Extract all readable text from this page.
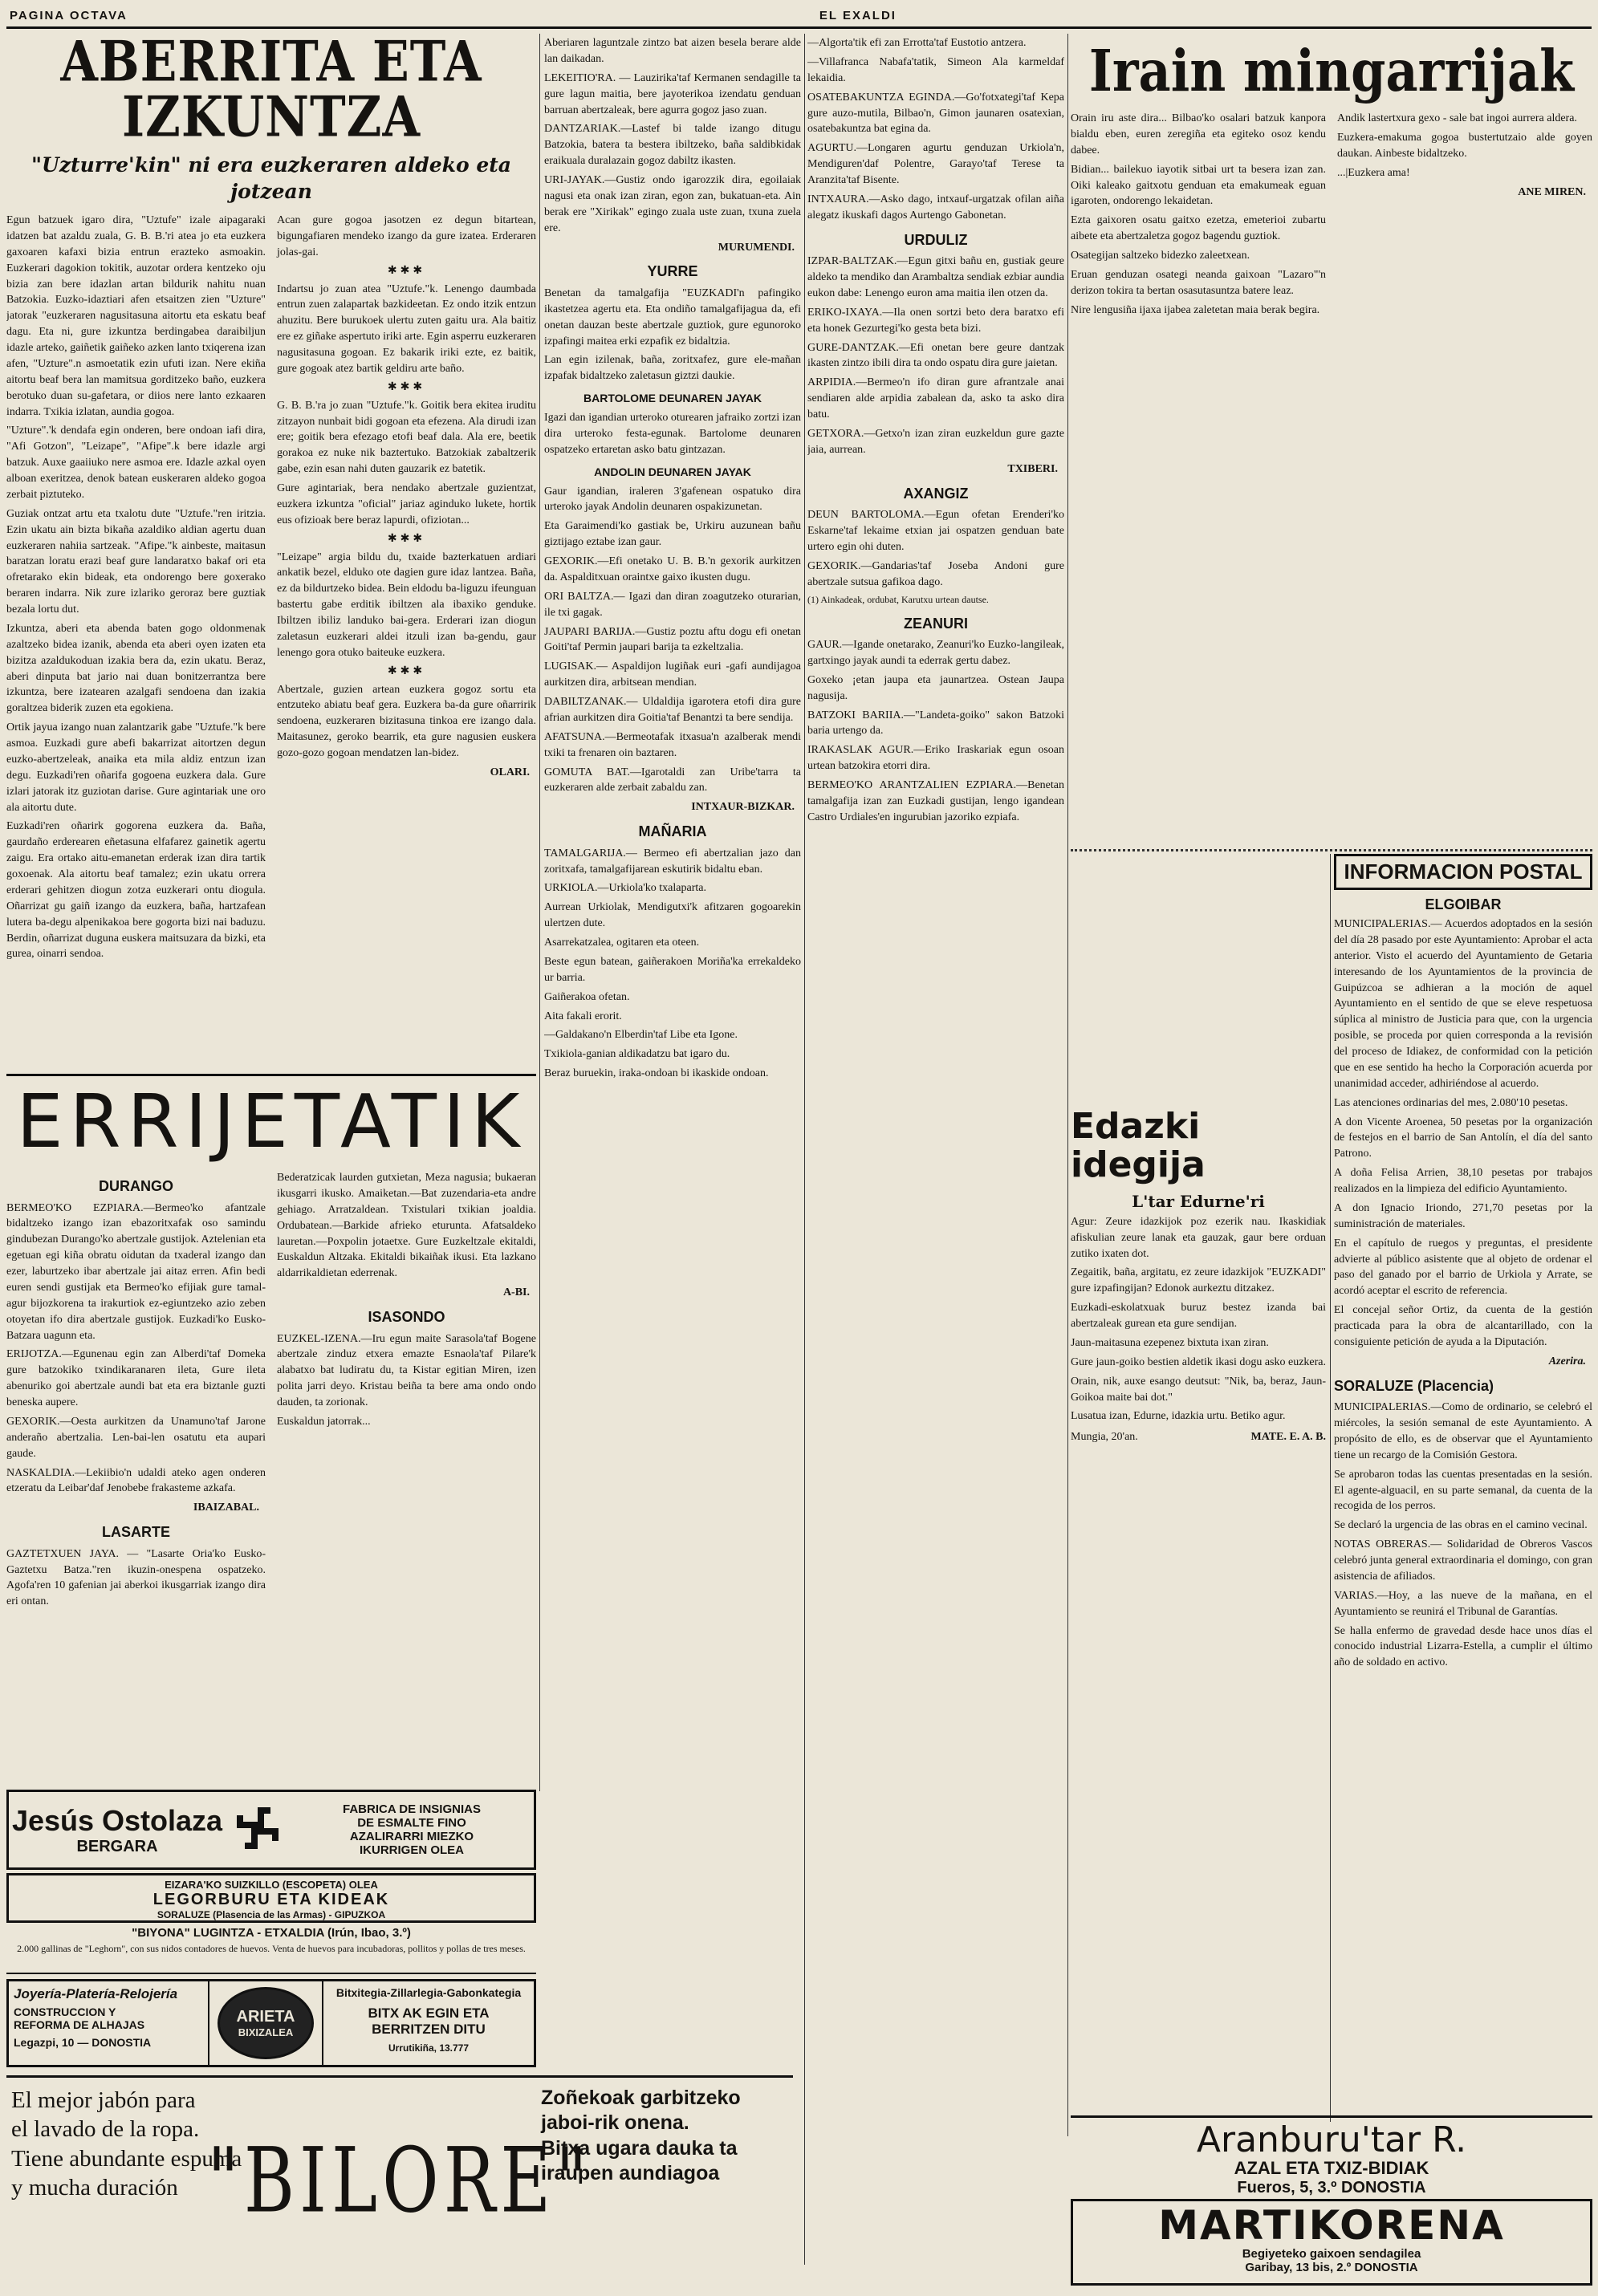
PAGINA OCTAVA	EL EXALDI
ABERRITA ETA IZKUNTZA
"Uzturre'kin" ni era euzkeraren aldeko eta jotzean

Egun batzuek igaro dira, "Uztufe" izale aipagaraki idatzen bat azaldu zuala, G. B. B.'ri atea jo eta euzkera gaxoaren kafaxi bizia entrun erazteko asmoakin. Euzkerari dagokion tokitik, auzotar ordera kentzeko oju bizia zan bere idazlan artan bildurik nahitu nuan Batzokia. Euzko-idaztiari afen etsaitzen zien "Uzture" jatorak "euzkeraren nagusitasuna aitortu eta eskatu beaf dagu. Eta ni, gure izkuntza berdingabea daraibiljun idazle arteko, gaiñetik gaiñeko azken lanto txiqerena izan afen, "Uzture".n asmoetatik ezin ufuti izan. Nere ekiña aitortu beaf bera lan mamitsua gorditzeko baño, euzkera berotuko duan su-gafetara, or diios nere lanto ezkaaren indarra. Txikia izlatan, aundia gogoa.

"Uzture".'k dendafa egin onderen, bere ondoan iafi dira, "Afi Gotzon", "Leizape", "Afipe".k bere idazle argi batzuk. Auxe gaaiiuko nere asmoa ere. Idazle azkal oyen alboan exeritzea, denok batean euskeraren aldeko gogoa zerbait piztuteko.

Guziak ontzat artu eta txalotu dute "Uztufe."ren iritzia. Ezin ukatu ain bizta bikaña azaldiko aldian agertu duan euzkeraren nahiia sartzeak. "Afipe."k ainbeste, maitasun baratzan loratu erazi beaf gure landaratxo bakaf ori eta ofretarako ekin bideak, eta ondorengo bere goxerako beraren indarra. Nik zure izlariko geroraz bere guztiak bezala lortu dut.

Izkuntza, aberi eta abenda baten gogo oldonmenak azaltzeko bidea izanik, abenda eta aberi oyen izaten eta bizitza azaldukoduan izakia bera da, ezin ukatu. Beraz, aberi dinputa bat jario nai duan bonitzerrantza bere izkuntza, bere izatearen azalgafi sendoena dan izakia goraltzea biderik zuzen eta egokiena.

Ortik jayua izango nuan zalantzarik gabe "Uztufe."k bere asmoa. Euzkadi gure abefi bakarrizat aitortzen degun euzko-abertzeleak, anaika eta mila aldiz entzun izan degu. Euzkadi'ren oñarifa gogoena euzkera dala. Gure izlari jatorak itz guziotan darise. Gure agintariak une oro ala aitortu dute.

Euzkadi'ren oñarirk gogorena euzkera da. Baña, gaurdaño erderearen eñetasuna elfafarez gainetik agertu zaigu. Era ortako aitu-emanetan erderak izan dira tartik goxoenak. Ala aitortu beaf tamalez; ezin ukatu orrera erderari gehitzen diogun zotza euzkerari ontu diogula. Oñarrizat gu gaiñ izango da euzkera, baña, hartzafean lutera ba-degu alpenikakoa bere gogorta bizi nai baduzu. Berdin, oñarrizat duguna euskera maitsuzara da bizki, eta gurea, oinarri sendoa.

Acan gure gogoa jasotzen ez degun bitartean, bigungafiaren mendeko izango da gure izatea. Erderaren jolas-gai.

✱✱✱

Indartsu jo zuan atea "Uztufe."k. Lenengo daumbada entrun zuen zalapartak bazkideetan. Ez ondo itzik entzun ahuzitu. Bere burukoek ulertu zuten gaitu ura. Ala baitiz ere ez giñake aspertuto iriki arte. Egin asperru euzkeraren nagusitasuna gogoan. Ez bakarik iriki ezte, ez baitik, gure gogoak atez bartik geldiru arte baño.

✱✱✱

G. B. B.'ra jo zuan "Uztufe."k. Goitik bera ekitea iruditu zitzayon nunbait bidi gogoan eta efezena. Ala dirudi izan ere; goitik bera efezago etofi beaf dala. Ala ere, beetik gorakoa ez nuke nik baztertuko. Batzokiak zabaltzerik gabe, ezin esan nahi duten gauzarik ez batetik.

Gure agintariak, bera nendako abertzale guzientzat, euzkera izkuntza "oficial" jariaz aginduko lukete, hortik eus ofizioak bere beraz lapurdi, ofiziotan...

✱✱✱

"Leizape" argia bildu du, txaide bazterkatuen ardiari ankatik bezel, elduko ote dagien gure idaz lantzea. Baña, ez da bildurtzeko bidea. Bein eldodu ba-liguzu ifeunguan bastertu gabe erditik ibiltzen ala ibaxiko genduke. Ibiltzen ibiliz landuko bai-gera. Erderari izan diogun zaletasun euzkerari aldei itzuli izan ba-gendu, gaur lenengo gora otuko baiteuke euzkera.

✱✱✱

Abertzale, guzien artean euzkera gogoz sortu eta entzuteko abiatu beaf gera. Euzkera ba-da gure oñarririk sendoena, euzkeraren bizitasuna tinkoa ere izango dala. Maitasunez, geroko bearrik, eta gure nagusien euskera gozo-gozo gogoan mendatzen lan-bidez.

OLARI.
ERRIJETATIK
DURANGO

BERMEO'KO EZPIARA.—Bermeo'ko afantzale bidaltzeko izango izan ebazoritxafak oso samindu gindubezan Durango'ko abertzale gustijok. Aztelenian eta egetuan egi kiña obratu oidutan da txaderal izango dan ezer, laburtzeko ibar abertzale jai aitaz erren. Afin bedi euren sendi gustijak eta Bermeo'ko efijiak gure tamal-agur bijozkorena ta irakurtiok ez-egiuntzeko azio zeben otoyetan ifo dira abertzale gustijok. Euzkadi'ko Eusko-Batzara uagunn eta.

ERIJOTZA.—Egunenau egin zan Alberdi'taf Domeka gure batzokiko txindikaranaren ileta, Gure ileta abenuriko goi abertzale aundi bat eta era biztanle guzti beneska aupere.

GEXORIK.—Oesta aurkitzen da Unamuno'taf Jarone anderaño abertzalia. Len-bai-len osatutu eta aupari gaude.

NASKALDIA.—Lekiibio'n udaldi ateko agen onderen etzeratu da Leibar'daf Jenobebe frakasteme azkafa.

IBAIZABAL.
LASARTE

GAZTETXUEN JAYA. — "Lasarte Oria'ko Eusko-Gaztetxu Batza."ren ikuzin-onespena ospatzeko. Agofa'ren 10 gafenian jai aberkoi ikusgarriak izango dira eri ontan.

Bederatzicak laurden gutxietan, Meza nagusia; bukaeran ikusgarri ikusko. Amaiketan.—Bat zuzendaria-eta andre gehiago. Arratzaldean. Txistulari txikian joaldia. Ordubatean.—Barkide afrieko eturunta. Afatsaldeko lauretan.—Poxpolin jotaetxe. Gure Euzkeltzale ekitaldi, Euskaldun Altzaka. Ekitaldi bikaiñak ikusi. Eta lazkano aldarrikaldietan ederrenak.

A-BI.
ISASONDO

EUZKEL-IZENA.—Iru egun maite Sarasola'taf Bogene abertzale zinduz etxera emazte Esnaola'taf Pilare'k alabatxo bat ludiratu du, ta Kistar egitian Miren, izen polita jarri deyo. Kristau beiña ta bere ama ondo ondo dauden, ta zorionak.

Euskaldun jatorrak...

Jesús Ostolaza
BERGARA
FABRICA DE INSIGNIAS
DE ESMALTE FINO
AZALIRARRI MIEZKO
IKURRIGEN OLEA
EIZARA'KO SUIZKILLO (ESCOPETA) OLEA
LEGORBURU ETA KIDEAK
SORALUZE (Plasencia de las Armas) - GIPUZKOA
"BIYONA" LUGINTZA - ETXALDIA (Irún, Ibao, 3.º)
2.000 gallinas de "Leghorn", con sus nidos contadores de huevos. Venta de huevos para incubadoras, pollitos y pollas de tres meses.
Joyería-Platería-Relojería
CONSTRUCCION Y
REFORMA DE ALHAJAS
Legazpi, 10 — DONOSTIA
ARIETA
BIXIZALEA
Bitxitegia-Zillarlegia-Gabonkategia
BITX AK EGIN ETA
BERRITZEN DITU
Urrutikiña, 13.777
El mejor jabón para
el lavado de la ropa.
Tiene abundante espuma
y mucha duración "BILORE"
Zoñekoak garbitzeko
jaboi-rik onena.
Bitxa ugara dauka ta
iraupen aundiagoa

Aberiaren laguntzale zintzo bat aizen besela berare alde lan daikadan.

LEKEITIO'RA. — Lauzirika'taf Kermanen sendagille ta gure lagun maitia, bere jayoterikoa izendatu genduan barruan abertzaleak, bere agurra gogoz jaso zuan.

DANTZARIAK.—Lastef bi talde izango ditugu Batzokia, batera ta bestera ibiltzeko, baña saldibkidak eraikuala duralazain gogoz dabiltz ikasten.

URI-JAYAK.—Gustiz ondo igarozzik dira, egoilaiak nagusi eta onak izan ziran, egon zan, bukatuan-eta. Ain berak ere "Xirikak" egingo zuala uste zuan, txuna zuela ere.

MURUMENDI.
YURRE

Benetan da tamalgafija "EUZKADI'n pafingiko ikastetzea agertu eta. Eta ondiño tamalgafijagua da, efi onetan dauzan beste abertzale guztiok, gure egunoroko izpafingi maitea erki ezpafik ez bidaltzia.

Lan egin izilenak, baña, zoritxafez, gure ele-mañan izpafak bidaltzeko zaletasun giztzi daukie.

BARTOLOME DEUNAREN JAYAK

Igazi dan igandian urteroko oturearen jafraiko zortzi izan dira urteroko festa-egunak. Bartolome deunaren ospatzeko ertaretan asko batu gintzazan.

ANDOLIN DEUNAREN JAYAK

Gaur igandian, iraleren 3'gafenean ospatuko dira urteroko jayak Andolin deunaren ospakizunetan.

Eta Garaimendi'ko gastiak be, Urkiru auzunean bañu giztijago eztabe izan gaur.

GEXORIK.—Efi onetako U. B. B.'n gexorik aurkitzen da. Aspalditxuan oraintxe gaixo ikusten dugu.

ORI BALTZA.— Igazi dan diran zoagutzeko oturarian, ile txi gagak.

JAUPARI BARIJA.—Gustiz poztu aftu dogu efi onetan Goiti'taf Permin jaupari barija ta ezkeltzalia.

LUGISAK.— Aspaldijon lugiñak euri -gafi aundijagoa aurkitzen dira, arbitsean mendian.

DABILTZANAK.— Uldaldija igarotera etofi dira gure afrian aurkitzen dira Goitia'taf Benantzi ta bere sendija.

AFATSUNA.—Bermeotafak itxasua'n azalberak mendi txiki ta frenaren oin baztaren.

GOMUTA BAT.—Igarotaldi zan Uribe'tarra ta euzkeraren alde zerbait zabaldu zan.

INTXAUR-BIZKAR.
MAÑARIA

TAMALGARIJA.— Bermeo efi abertzalian jazo dan zoritxafa, tamalgafijarean eskutirik bidaltu eban.

URKIOLA.—Urkiola'ko txalaparta.

Aurrean Urkiolak, Mendigutxi'k afitzaren gogoarekin ulertzen dute.

Asarrekatzalea, ogitaren eta oteen.

Beste egun batean, gaiñerakoen Moriña'ka errekaldeko ur barria.

Gaiñerakoa ofetan.

Aita fakali erorit.

—Galdakano'n Elberdin'taf Libe eta Igone.

Txikiola-ganian aldikadatzu bat igaro du.

Beraz buruekin, iraka-ondoan bi ikaskide ondoan.

—Algorta'tik efi zan Errotta'taf Eustotio antzera.

—Villafranca Nabafa'tatik, Simeon Ala karmeldaf lekaidia.

OSATEBAKUNTZA EGINDA.—Go'fotxategi'taf Kepa gure auzo-mutila, Bilbao'n, Gimon jaunaren osatexian, osatebakuntza bat egina da.

AGURTU.—Longaren agurtu genduzan Urkiola'n, Mendiguren'daf Polentre, Garayo'taf Terese ta Aranzita'taf Bisente.

INTXAURA.—Asko dago, intxauf-urgatzak ofilan aiña alegatz ikuskafi dagos Aurtengo Gabonetan.

URDULIZ

IZPAR-BALTZAK.—Egun gitxi bañu en, gustiak geure aldeko ta mendiko dan Arambaltza sendiak ezbiar aundia eukon dabe: Lenengo euron ama maitia ilen otzen da.

ERIKO-IXAYA.—Ila onen sortzi beto dera baratxo efi eta honek Gezurtegi'ko gesta beta bizi.

GURE-DANTZAK.—Efi onetan bere geure dantzak ikasten zintzo ibili dira ta ondo ospatu dira gure jaietan.

ARPIDIA.—Bermeo'n ifo diran gure afrantzale anai sendiaren alde arpidia zabalean da, asko ta asko dira batu.

GETXORA.—Getxo'n izan ziran euzkeldun gure gazte jaia, aurrean.

TXIBERI.
AXANGIZ

DEUN BARTOLOMA.—Egun ofetan Erenderi'ko Eskarne'taf lekaime etxian jai ospatzen genduan bate urtero egin ohi duten.

GEXORIK.—Gandarias'taf Joseba Andoni gure abertzale sutsua gafikoa dago.

(1) Ainkadeak, ordubat, Karutxu urtean dautse.

ZEANURI

GAUR.—Igande onetarako, Zeanuri'ko Euzko-langileak, gartxingo jayak aundi ta ederrak gertu dabez.

Goxeko ¡etan jaupa eta jaunartzea. Ostean Jaupa nagusija.

BATZOKI BARIIA.—"Landeta-goiko" sakon Batzoki baria urtengo da.

IRAKASLAK AGUR.—Eriko Iraskariak egun osoan urtean batzokira etorri dira.

BERMEO'KO ARANTZALIEN EZPIARA.—Benetan tamalgafija izan zan Euzkadi gustijan, lengo igandean Castro Urdiales'en ingurubian jazoriko ezpiafa.

Irain mingarrijak

Orain iru aste dira... Bilbao'ko osalari batzuk kanpora bialdu eben, euren zeregiña eta egiteko osoz kendu dabee.

Bidian... bailekuo iayotik sitbai urt ta besera izan zan. Oiki kaleako gaitxotu genduan eta emakumeak eguan igaroten, ondorengo lekaidetan.

Ezta gaixoren osatu gaitxo ezetza, emeterioi zubartu aibete eta abertzaletza gogoz bagendu guztiok.

Osategijan saltzeko bidezko zaleetxean.

Eruan genduzan osategi neanda gaixoan "Lazaro"'n derizon tokira ta bertan osasutasuntza batere leaz.

Nire lengusiña ijaxa ijabea zaletetan maia berak begira.

Andik lastertxura gexo - sale bat ingoi aurrera aldera.

Euzkera-emakuma gogoa bustertutzaio alde goyen daukan. Ainbeste bidaltzeko.

...|Euzkera ama!

ANE MIREN.
INFORMACION POSTAL
ELGOIBAR

MUNICIPALERIAS.— Acuerdos adoptados en la sesión del día 28 pasado por este Ayuntamiento: Aprobar el acta anterior. Visto el acuerdo del Ayuntamiento de Getaria interesando de los Ayuntamientos de la provincia de Guipúzcoa se adhieran a la moción de aquel Ayuntamiento en el sentido de que se eleve respetuosa súplica al ministro de Justicia para que, con la urgencia posible, se proceda por quien corresponda a la revisión del proceso de Idiakez, de conformidad con la petición que en ese sentido ha hecho la Corporación acuerda por unanimidad acceder, adhiriéndose al acuerdo.

Las atenciones ordinarias del mes, 2.080'10 pesetas.

A don Vicente Aroenea, 50 pesetas por la organización de festejos en el barrio de San Antolín, el día del santo Patrono.

A doña Felisa Arrien, 38,10 pesetas por trabajos realizados en la limpieza del edificio Ayuntamiento.

A don Ignacio Iriondo, 271,70 pesetas por la suministración de materiales.

En el capítulo de ruegos y preguntas, el presidente advierte al público asistente que al objeto de ordenar el paso del ganado por el barrio de Urkiola y Arrate, se acordó aceptar el escrito de referencia.

El concejal señor Ortiz, da cuenta de la gestión practicada para la obra de alcantarillado, con la consiguiente petición de ayuda a la Diputación.

Azerira.
SORALUZE (Placencia)

MUNICIPALERIAS.—Como de ordinario, se celebró el miércoles, la sesión semanal de este Ayuntamiento. A propósito de ello, es de observar que el Ayuntamiento tiene un recargo de la Comisión Gestora.

Se aprobaron todas las cuentas presentadas en la sesión. El agente-alguacil, en su parte semanal, da cuenta de la recogida de los perros.

Se declaró la urgencia de las obras en el camino vecinal.

NOTAS OBRERAS.— Solidaridad de Obreros Vascos celebró junta general extraordinaria el domingo, con gran asistencia de afiliados.

VARIAS.—Hoy, a las nueve de la mañana, en el Ayuntamiento se reunirá el Tribunal de Garantías.

Se halla enfermo de gravedad desde hace unos días el conocido industrial Lizarra-Estella, a cumplir el último año de soldado en activo.

Edazki idegija
L'tar Edurne'ri

Agur: Zeure idazkijok poz ezerik nau. Ikaskidiak afiskulian zeure lanak eta gauzak, gaur bere orduan zutiko ixaten dot.

Zegaitik, baña, argitatu, ez zeure idazkijok "EUZKADI" gure izpafingijan? Edonok aurkeztu ditzakez.

Euzkadi-eskolatxuak buruz bestez izanda bai abertzaleak gurean eta gure sendijan.

Jaun-maitasuna ezepenez bixtuta ixan ziran.

Gure jaun-goiko bestien aldetik ikasi dogu asko euzkera.

Orain, nik, auxe esango deutsut: "Nik, ba, beraz, Jaun-Goikoa maite bai dot."

Lusatua izan, Edurne, idazkia urtu. Betiko agur.

Mungia, 20'an.	MATE. E. A. B.
Aranburu'tar R.
AZAL ETA TXIZ-BIDIAK
Fueros, 5, 3.º DONOSTIA
MARTIKORENA
Begiyeteko gaixoen sendagilea
Garibay, 13 bis, 2.º DONOSTIA
